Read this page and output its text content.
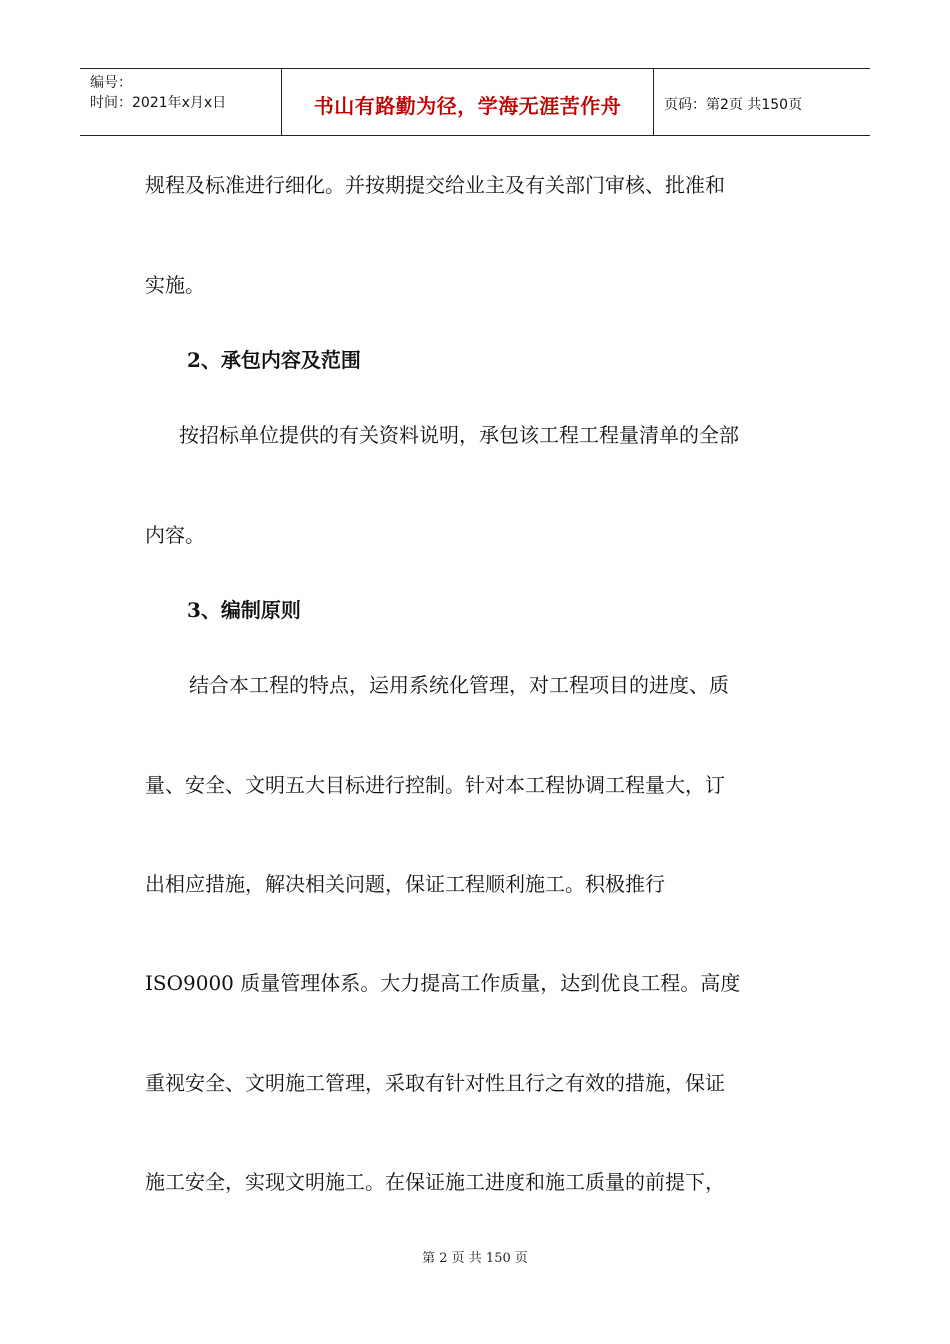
编号：
时间：2021年x月x日	书山有路勤为径，学海无涯苦作舟	页码：第2页 共150页
规程及标准进行细化。并按期提交给业主及有关部门审核、批准和
实施。
2、承包内容及范围
按招标单位提供的有关资料说明，承包该工程工程量清单的全部
内容。
3、编制原则
结合本工程的特点，运用系统化管理，对工程项目的进度、质
量、安全、文明五大目标进行控制。针对本工程协调工程量大，订
出相应措施，解决相关问题，保证工程顺利施工。积极推行
ISO9000 质量管理体系。大力提高工作质量，达到优良工程。高度
重视安全、文明施工管理，采取有针对性且行之有效的措施，保证
施工安全，实现文明施工。在保证施工进度和施工质量的前提下，
第 2 页 共 150 页
